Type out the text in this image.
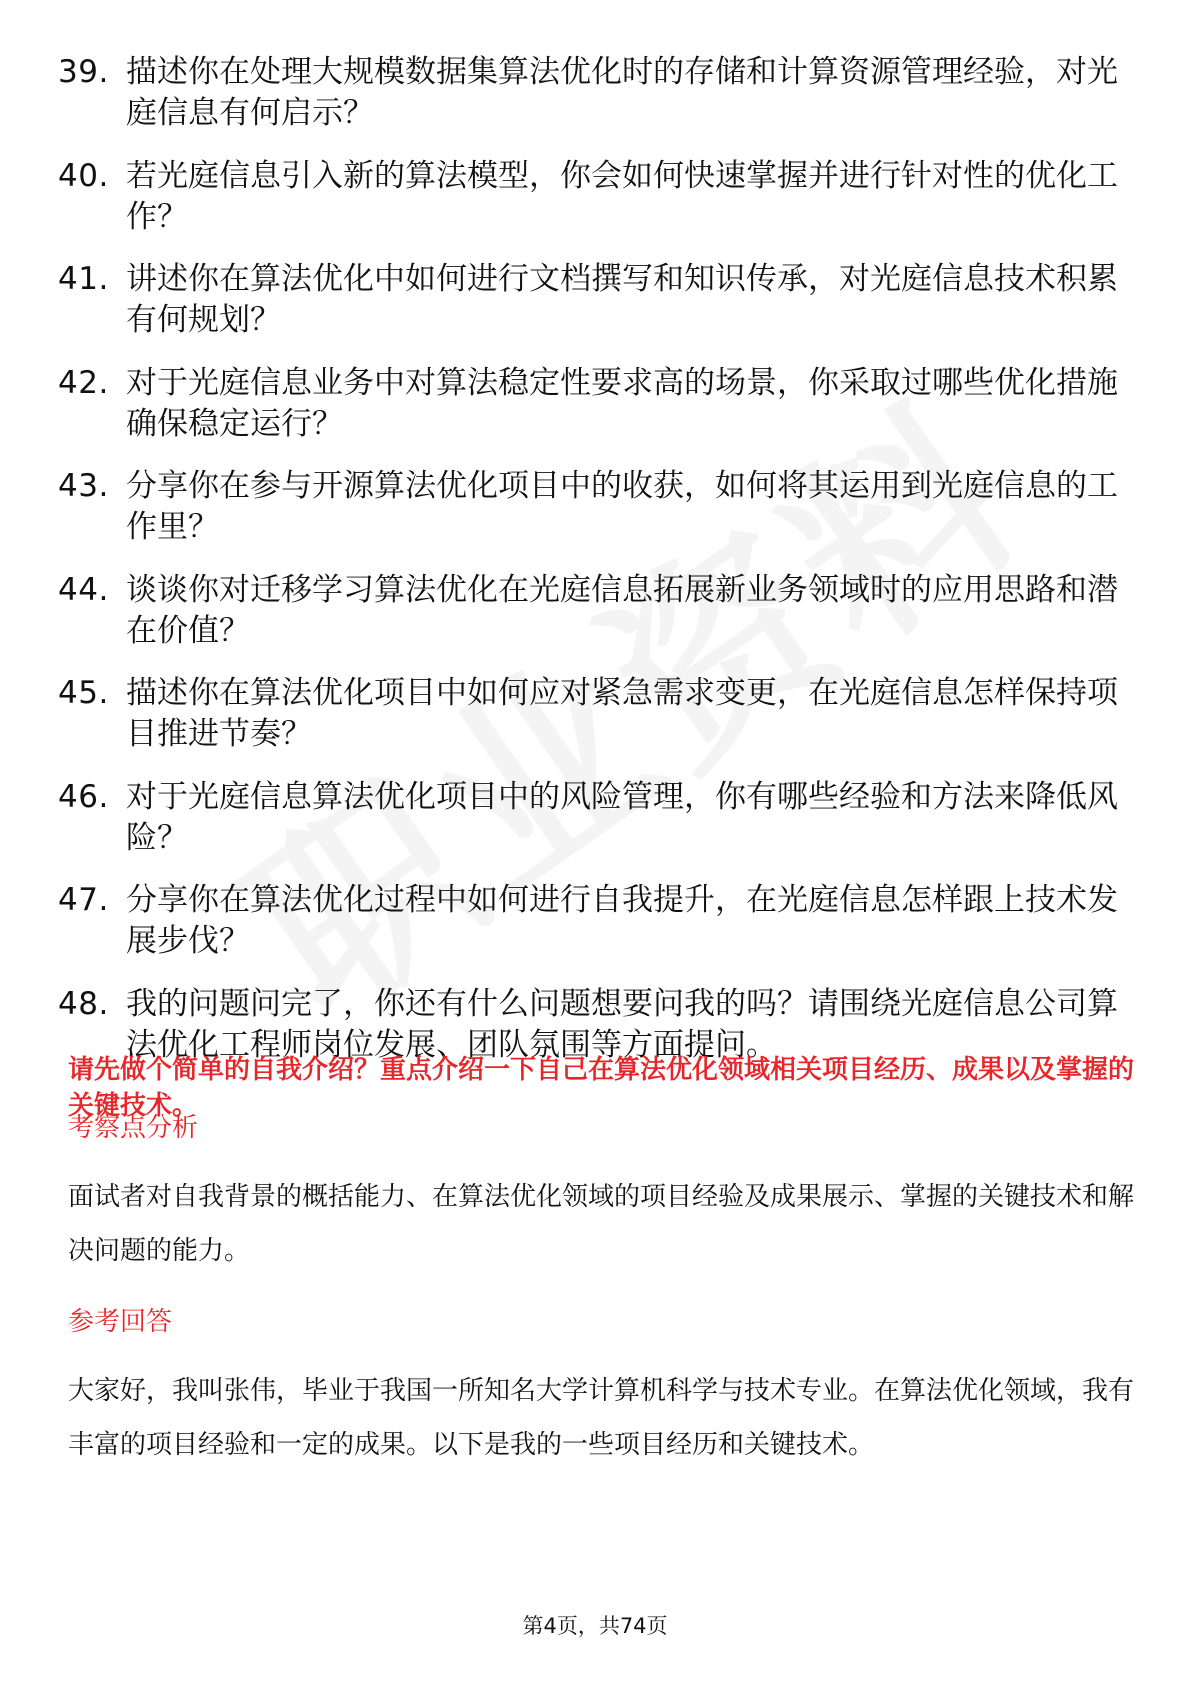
39. 描述你在处理大规模数据集算法优化时的存储和计算资源管理经验，对光庭信息有何启示？
40. 若光庭信息引入新的算法模型，你会如何快速掌握并进行针对性的优化工作？
41. 讲述你在算法优化中如何进行文档撰写和知识传承，对光庭信息技术积累有何规划？
42. 对于光庭信息业务中对算法稳定性要求高的场景，你采取过哪些优化措施确保稳定运行？
43. 分享你在参与开源算法优化项目中的收获，如何将其运用到光庭信息的工作里？
44. 谈谈你对迁移学习算法优化在光庭信息拓展新业务领域时的应用思路和潜在价值？
45. 描述你在算法优化项目中如何应对紧急需求变更，在光庭信息怎样保持项目推进节奏？
46. 对于光庭信息算法优化项目中的风险管理，你有哪些经验和方法来降低风险？
47. 分享你在算法优化过程中如何进行自我提升，在光庭信息怎样跟上技术发展步伐？
48. 我的问题问完了，你还有什么问题想要问我的吗？请围绕光庭信息公司算法优化工程师岗位发展、团队氛围等方面提问。
请先做个简单的自我介绍？重点介绍一下自己在算法优化领域相关项目经历、成果以及掌握的关键技术。
考察点分析
面试者对自我背景的概括能力、在算法优化领域的项目经验及成果展示、掌握的关键技术和解决问题的能力。
参考回答
大家好，我叫张伟，毕业于我国一所知名大学计算机科学与技术专业。在算法优化领域，我有丰富的项目经验和一定的成果。以下是我的一些项目经历和关键技术。
第4页，共74页
